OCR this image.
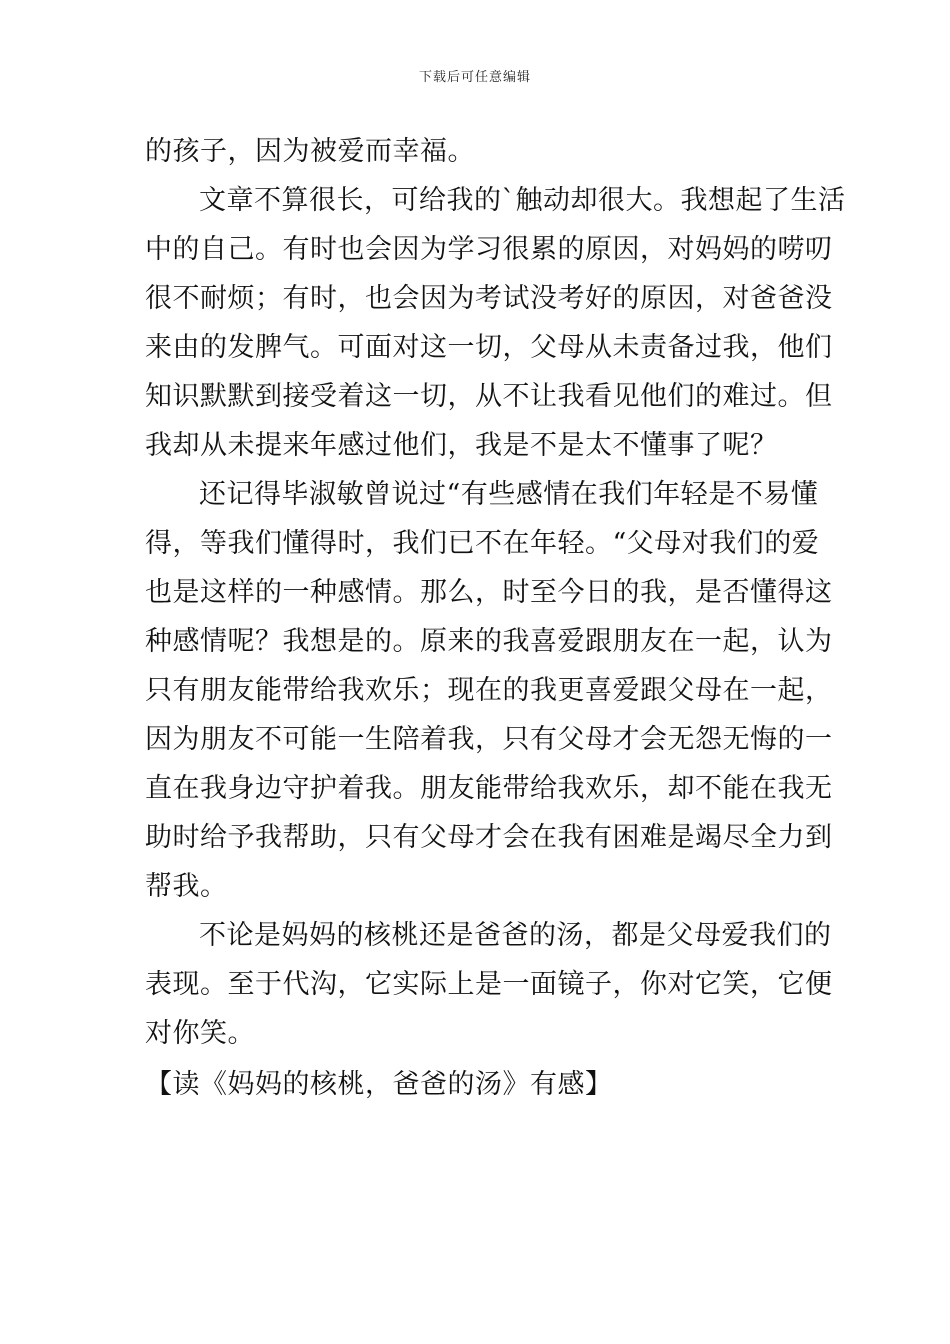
下载后可任意编辑
的孩子，因为被爱而幸福。
文章不算很长，可给我的`触动却很大。我想起了生活
中的自己。有时也会因为学习很累的原因，对妈妈的唠叨
很不耐烦；有时，也会因为考试没考好的原因，对爸爸没
来由的发脾气。可面对这一切，父母从未责备过我，他们
知识默默到接受着这一切，从不让我看见他们的难过。但
我却从未提来年感过他们，我是不是太不懂事了呢？
还记得毕淑敏曾说过“有些感情在我们年轻是不易懂
得，等我们懂得时，我们已不在年轻。“父母对我们的爱
也是这样的一种感情。那么，时至今日的我，是否懂得这
种感情呢？我想是的。原来的我喜爱跟朋友在一起，认为
只有朋友能带给我欢乐；现在的我更喜爱跟父母在一起，
因为朋友不可能一生陪着我，只有父母才会无怨无悔的一
直在我身边守护着我。朋友能带给我欢乐，却不能在我无
助时给予我帮助，只有父母才会在我有困难是竭尽全力到
帮我。
不论是妈妈的核桃还是爸爸的汤，都是父母爱我们的
表现。至于代沟，它实际上是一面镜子，你对它笑，它便
对你笑。
【读《妈妈的核桃，爸爸的汤》有感】
